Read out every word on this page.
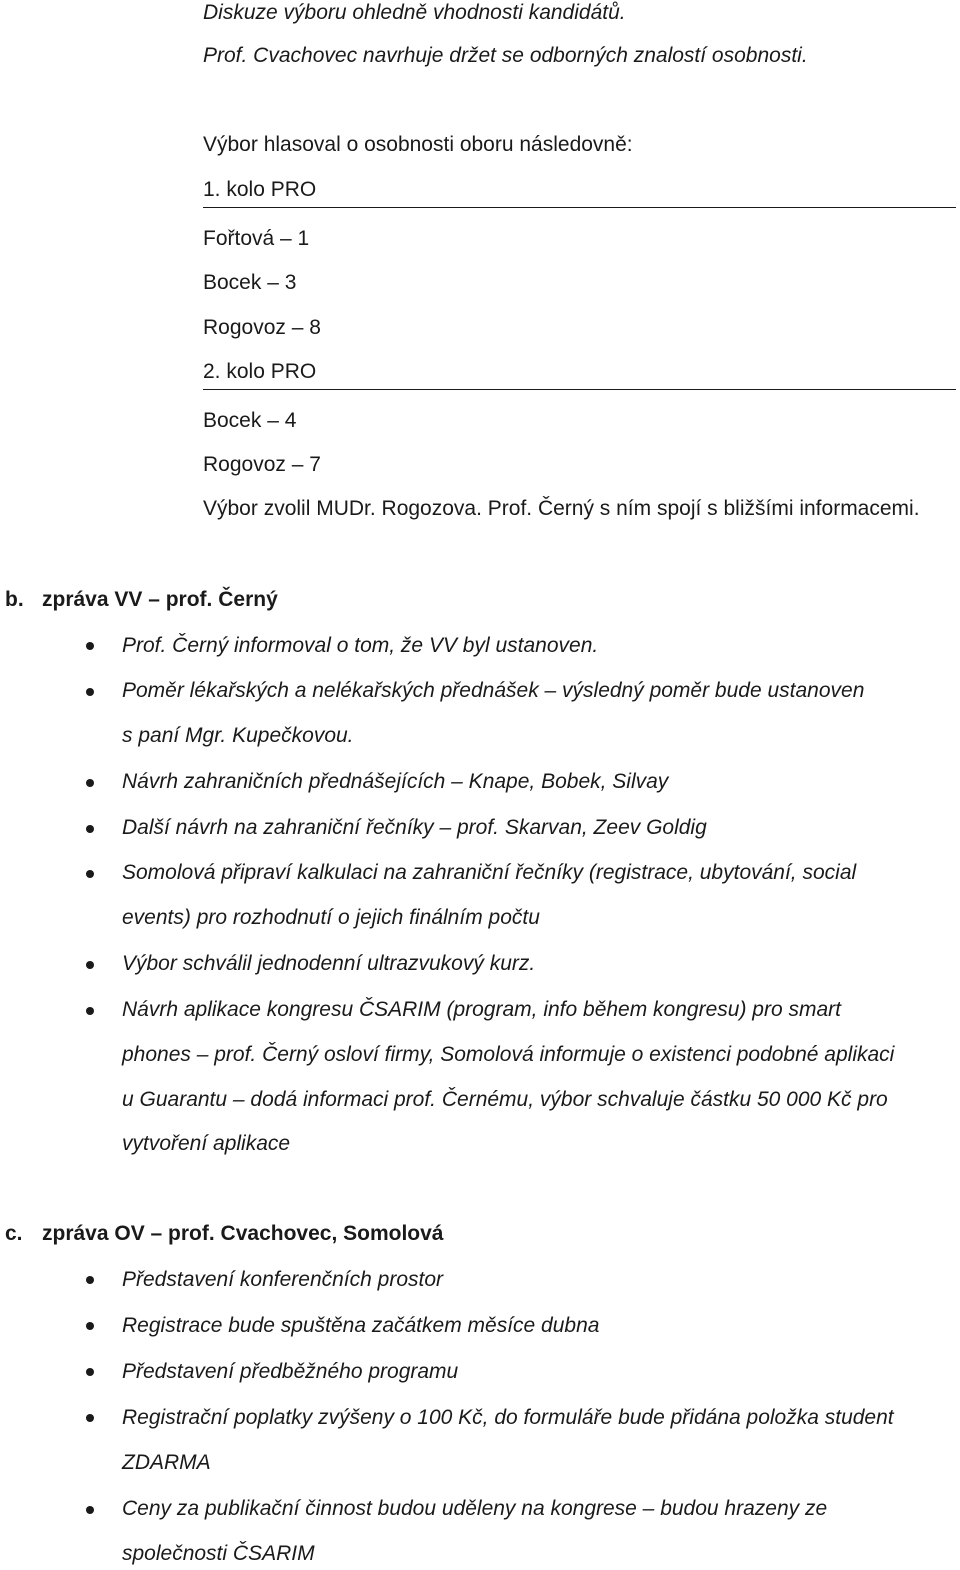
Diskuze výboru ohledně vhodnosti kandidátů.
Prof. Cvachovec navrhuje držet se odborných znalostí osobnosti.
Výbor hlasoval o osobnosti oboru následovně:
1. kolo PRO
Fořtová – 1
Bocek – 3
Rogovoz – 8
2. kolo PRO
Bocek – 4
Rogovoz – 7
Výbor zvolil MUDr. Rogozova. Prof. Černý s ním spojí s bližšími informacemi.
b. zpráva VV – prof. Černý
Prof. Černý informoval o tom, že VV byl ustanoven.
Poměr lékařských a nelékařských přednášek – výsledný poměr bude ustanoven
s paní Mgr. Kupečkovou.
Návrh zahraničních přednášejících – Knape, Bobek, Silvay
Další návrh na zahraniční řečníky – prof. Skarvan, Zeev Goldig
Somolová připraví kalkulaci na zahraniční řečníky (registrace, ubytování, social
events) pro rozhodnutí o jejich finálním počtu
Výbor schválil jednodenní ultrazvukový kurz.
Návrh aplikace kongresu ČSARIM (program, info během kongresu) pro smart
phones – prof. Černý osloví firmy, Somolová informuje o existenci podobné aplikaci
u Guarantu – dodá informaci prof. Černému, výbor schvaluje částku 50 000 Kč pro
vytvoření aplikace
c. zpráva OV – prof. Cvachovec, Somolová
Představení konferenčních prostor
Registrace bude spuštěna začátkem měsíce dubna
Představení předběžného programu
Registrační poplatky zvýšeny o 100 Kč, do formuláře bude přidána položka student
ZDARMA
Ceny za publikační činnost budou uděleny na kongrese – budou hrazeny ze
společnosti ČSARIM
